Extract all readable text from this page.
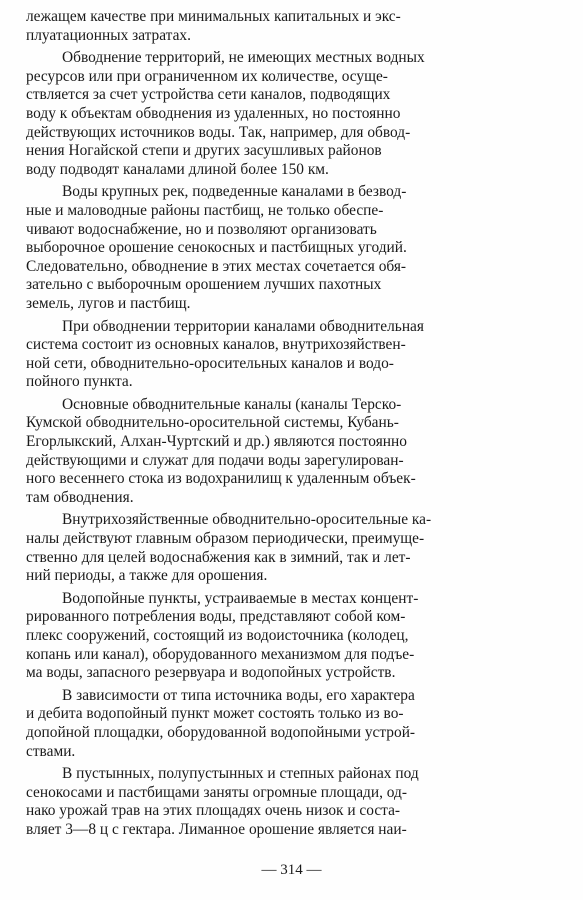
лежащем качестве при минимальных капитальных и экс-
плуатационных затратах.

Обводнение территорий, не имеющих местных водных
ресурсов или при ограниченном их количестве, осуще-
ствляется за счет устройства сети каналов, подводящих
воду к объектам обводнения из удаленных, но постоянно
действующих источников воды. Так, например, для обвод-
нения Ногайской степи и других засушливых районов
воду подводят каналами длиной более 150 км.

Воды крупных рек, подведенные каналами в безвод-
ные и маловодные районы пастбищ, не только обеспе-
чивают водоснабжение, но и позволяют организовать
выборочное орошение сенокосных и пастбищных угодий.
Следовательно, обводнение в этих местах сочетается обя-
зательно с выборочным орошением лучших пахотных
земель, лугов и пастбищ.

При обводнении территории каналами обводнительная
система состоит из основных каналов, внутрихозяйствен-
ной сети, обводнительно-оросительных каналов и водо-
пойного пункта.

Основные обводнительные каналы (каналы Терско-
Кумской обводнительно-оросительной системы, Кубань-
Егорлыкский, Алхан-Чуртский и др.) являются постоянно
действующими и служат для подачи воды зарегулирован-
ного весеннего стока из водохранилищ к удаленным объек-
там обводнения.

Внутрихозяйственные обводнительно-оросительные ка-
налы действуют главным образом периодически, преимуще-
ственно для целей водоснабжения как в зимний, так и лет-
ний периоды, а также для орошения.

Водопойные пункты, устраиваемые в местах концент-
рированного потребления воды, представляют собой ком-
плекс сооружений, состоящий из водоисточника (колодец,
копань или канал), оборудованного механизмом для подъе-
ма воды, запасного резервуара и водопойных устройств.

В зависимости от типа источника воды, его характера
и дебита водопойный пункт может состоять только из во-
допойной площадки, оборудованной водопойными устрой-
ствами.

В пустынных, полупустынных и степных районах под
сенокосами и пастбищами заняты огромные площади, од-
нако урожай трав на этих площадях очень низок и соста-
вляет 3—8 ц с гектара. Лиманное орошение является наи-

— 314 —
